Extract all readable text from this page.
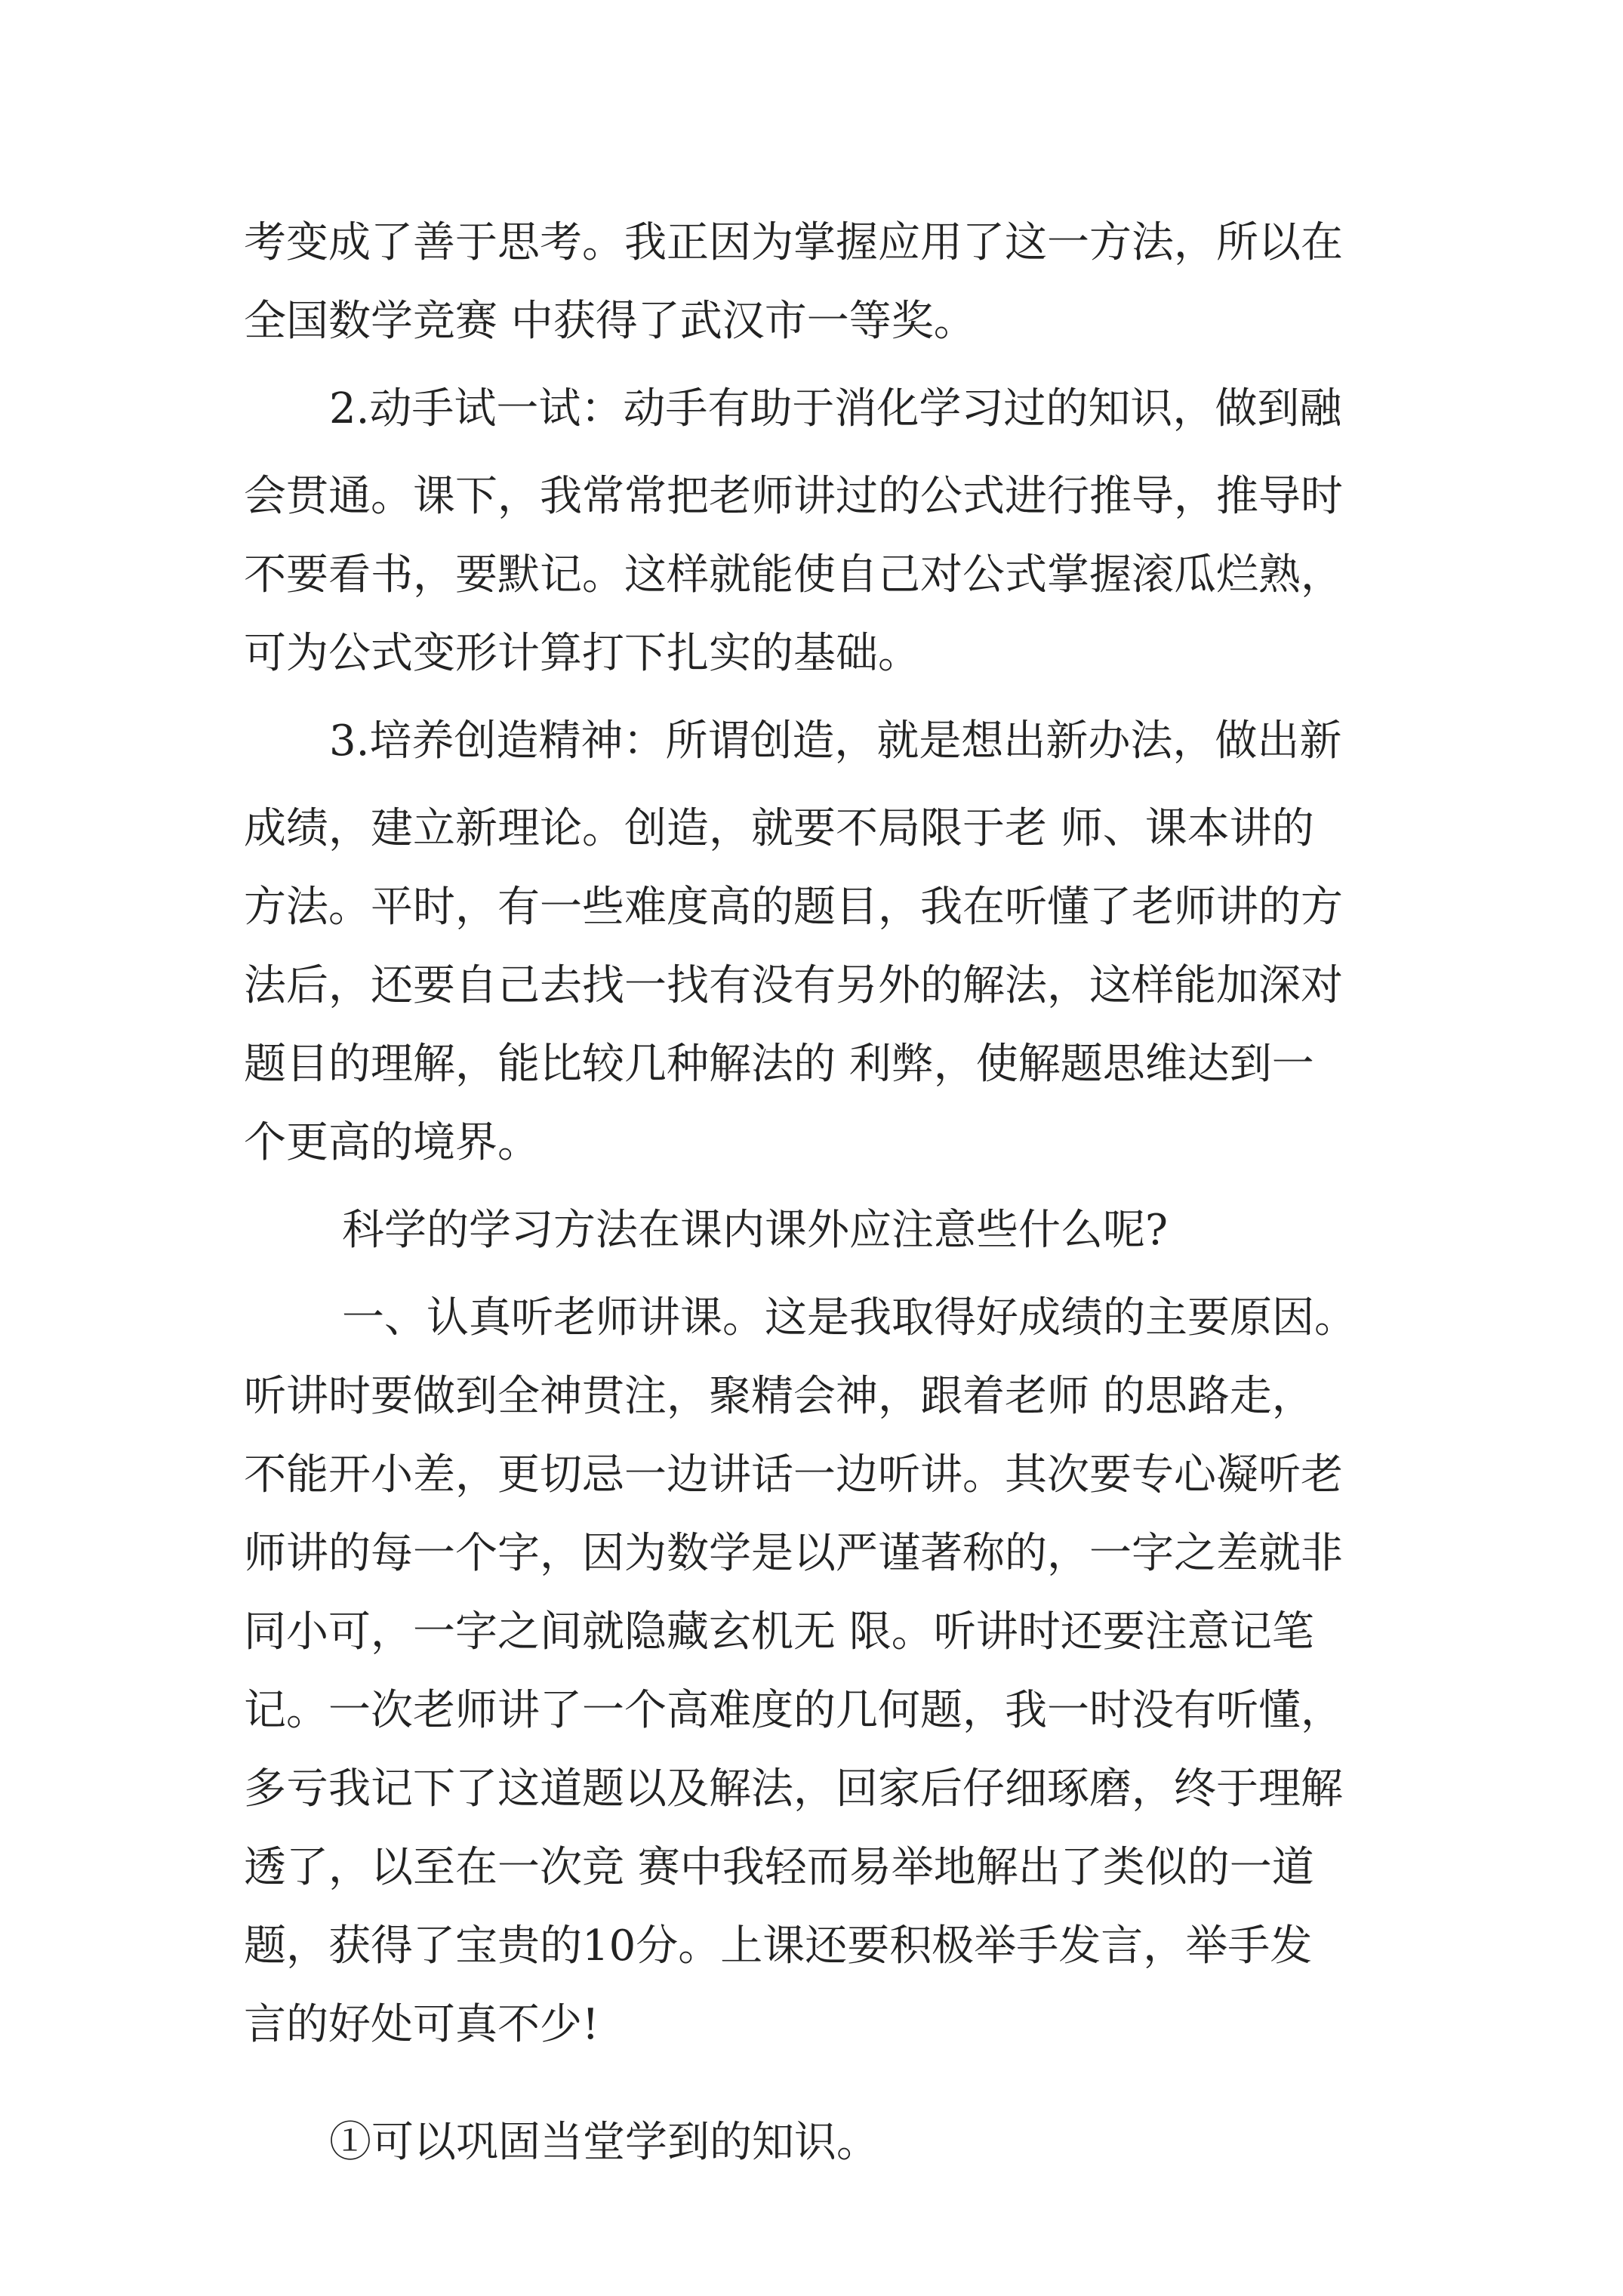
考变成了善于思考。我正因为掌握应用了这一方法，所以在
全国数学竞赛 中获得了武汉市一等奖。
2.动手试一试：动手有助于消化学习过的知识，做到融
会贯通。课下，我常常把老师讲过的公式进行推导，推导时
不要看书，要默记。这样就能使自己对公式掌握滚瓜烂熟，
可为公式变形计算打下扎实的基础。
3.培养创造精神：所谓创造，就是想出新办法，做出新
成绩，建立新理论。创造，就要不局限于老 师、课本讲的
方法。平时，有一些难度高的题目，我在听懂了老师讲的方
法后，还要自己去找一找有没有另外的解法，这样能加深对
题目的理解，能比较几种解法的 利弊，使解题思维达到一
个更高的境界。
科学的学习方法在课内课外应注意些什么呢?
一、认真听老师讲课。这是我取得好成绩的主要原因。
听讲时要做到全神贯注，聚精会神，跟着老师 的思路走，
不能开小差，更切忌一边讲话一边听讲。其次要专心凝听老
师讲的每一个字，因为数学是以严谨著称的，一字之差就非
同小可，一字之间就隐藏玄机无 限。听讲时还要注意记笔
记。一次老师讲了一个高难度的几何题，我一时没有听懂，
多亏我记下了这道题以及解法，回家后仔细琢磨，终于理解
透了，以至在一次竞 赛中我轻而易举地解出了类似的一道
题，获得了宝贵的10分。上课还要积极举手发言，举手发
言的好处可真不少!
①可以巩固当堂学到的知识。
